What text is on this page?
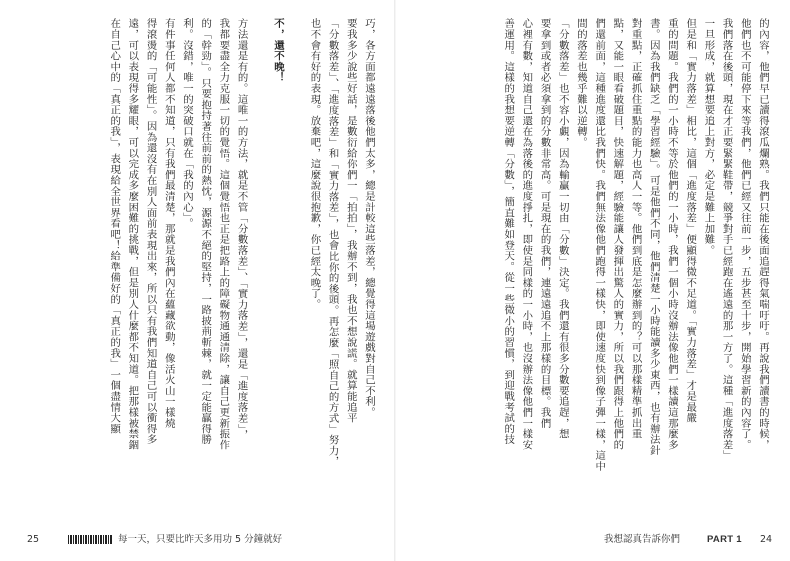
巧，各方面都遠遠落後他們太多，總是計較這些落差，總覺得這場遊戲對自己不利。
要我多少說些好話，是數衍給你們一「拍拍」，我辦不到，我也不想說謊。就算能追平
「分數落差」、「進度落差」和「實力落差」，也會比你的後頭。再怎麼「照自己的方式」努力，
也不會有好的表現。放棄吧，這麼說很抱歉，你已經太晚了。

不，還不晚！

方法還是有的。這唯一的方法，就是不管「分數落差」、「實力落差」，還是「進度落差」，
我都要盡全力克服一切的覺悟。這個覺悟也正是把路上的障礙物通通清除，讓自己更新振作
的「幹勁」。只要抱持著往前前的熱忱，源源不絕的堅持，一路披荊斬棘，就一定能贏得勝
利。沒錯，唯一的突破口就在「我的內心」。
有件事任何人都不知道，只有我們最清楚，那就是我們內在蘊藏欲動，像活火山一樣燒
得滾燙的「可能性」。因為還沒有在別人面前表現出來，所以只有我們知道自己可以衝得多
遠，可以表現得多耀眼，可以完成多麼困難的挑戰，但是別人什麼都不知道。把那樣被禁錮
在自己心中的「真正的我」，表現給全世界看吧！給準備好的「真正的我」一個盡情大顯	的內容，他們早已讀得滾瓜爛熟。我們只能在後面追趕得氣喘吁吁。再說我們讀書的時候，
他們也不可能停下來等我們，他們已經又往前一步，五步甚至十步，開始學習新的內容了。
我們落在後頭，現在才正要緊緊鞋帶，競爭對手已經跑在遙遠的那一方了。這種「進度落差」
一旦形成，就算想要追上對方，必定是難上加難。
但是和「實力落差」相比，這個「進度落差」便顯得微不足道。「實力落差」才是最嚴
重的問題。我們的一小時不等於他們的一小時，我們一個小時沒辦法像他們一樣讀這那麼多
書。因為我們缺乏「學習經驗」。可是他們不同，他們清楚一小時能讀多少東西，也有辦法針
對重點，正確抓住重點的能力也高人一等。他們到底是怎麼辦到的？可以那樣精準抓出重
點，又能一眼看破題目，快速解題，經驗能讓人發揮出驚人的實力，所以我們跟得上他們的
們還前面，這種進度還比我們快。我們無法像他們跑得一樣快，即使速度快到像子彈一樣，這中
間的落差也幾乎難以逆轉。
「分數落差」也不容小覷，因為輸贏一切由「分數」決定。我們還有很多分數要追趕，想
要拿到或者必須拿到的分數非常高。可是現在的我們，連遠遠追不上那樣的目標。我們
心裡有數，知道自己還在為落後的進度掙扎，即使是同樣的一小時，也沒辦法像他們一樣安
善運用。這樣的我想要逆轉「分數」，簡直難如登天。從一些微小的習慣，到迎戰考試的技
25	每一天，只要比昨天多用功 5 分鐘就好	我想認真告訴你們	PART 1 24
